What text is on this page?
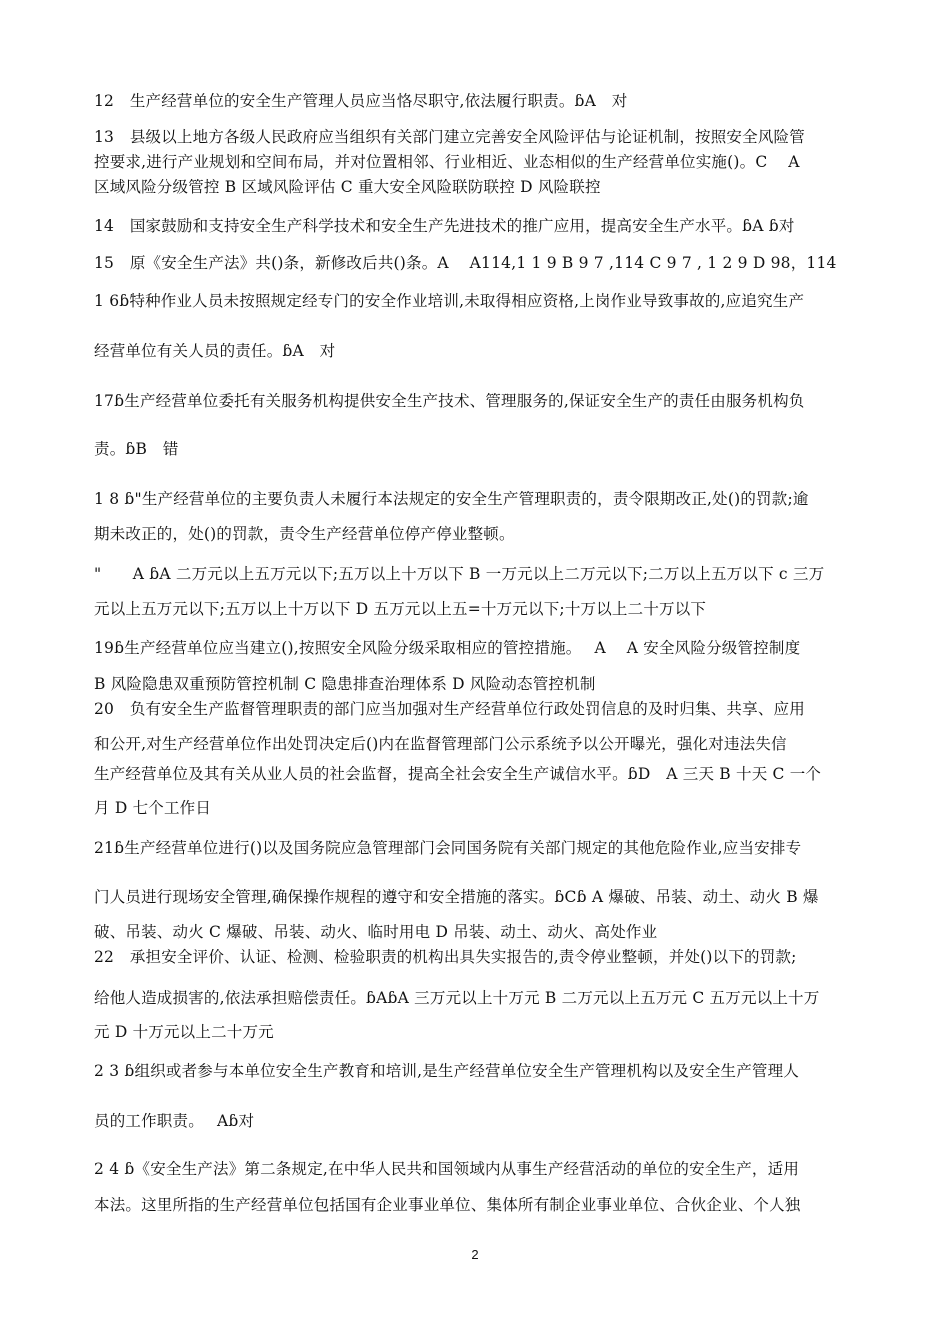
12　生产经营单位的安全生产管理人员应当恪尽职守,依法履行职责。ɓA　对
13　县级以上地方各级人民政府应当组织有关部门建立完善安全风险评估与论证机制，按照安全风险管
控要求,进行产业规划和空间布局，并对位置相邻、行业相近、业态相似的生产经营单位实施()。C　 A
区域风险分级管控 B 区域风险评估 C 重大安全风险联防联控 D 风险联控
14　国家鼓励和支持安全生产科学技术和安全生产先进技术的推广应用，提高安全生产水平。ɓA ɓ对
15　原《安全生产法》共()条，新修改后共()条。A　 A114,1 1 9 B 9 7 ,114 C 9 7 , 1 2 9 D 98，114
1 6ɓ特种作业人员未按照规定经专门的安全作业培训,未取得相应资格,上岗作业导致事故的,应追究生产
经营单位有关人员的责任。ɓA　对
17ɓ生产经营单位委托有关服务机构提供安全生产技术、管理服务的,保证安全生产的责任由服务机构负
责。ɓB　错
1 8 ɓ"生产经营单位的主要负责人未履行本法规定的安全生产管理职责的，责令限期改正,处()的罚款;逾
期未改正的，处()的罚款，责令生产经营单位停产停业整顿。
"　　A ɓA 二万元以上五万元以下;五万以上十万以下 B 一万元以上二万元以下;二万以上五万以下 c 三万
元以上五万元以下;五万以上十万以下 D 五万元以上五=十万元以下;十万以上二十万以下
19ɓ生产经营单位应当建立(),按照安全风险分级采取相应的管控措施。　 A　 A 安全风险分级管控制度
B 风险隐患双重预防管控机制 C 隐患排查治理体系 D 风险动态管控机制
20　负有安全生产监督管理职责的部门应当加强对生产经营单位行政处罚信息的及时归集、共享、应用
和公开,对生产经营单位作出处罚决定后()内在监督管理部门公示系统予以公开曝光，强化对违法失信
生产经营单位及其有关从业人员的社会监督，提高全社会安全生产诚信水平。ɓD　A 三天 B 十天 C 一个
月 D 七个工作日
21ɓ生产经营单位进行()以及国务院应急管理部门会同国务院有关部门规定的其他危险作业,应当安排专
门人员进行现场安全管理,确保操作规程的遵守和安全措施的落实。ɓCɓ A 爆破、吊装、动土、动火 B 爆
破、吊装、动火 C 爆破、吊装、动火、临时用电 D 吊装、动土、动火、高处作业
22　承担安全评价、认证、检测、检验职责的机构出具失实报告的,责令停业整顿，并处()以下的罚款;
给他人造成损害的,依法承担赔偿责任。ɓAɓA 三万元以上十万元 B 二万元以上五万元 C 五万元以上十万
元 D 十万元以上二十万元
2 3 ɓ组织或者参与本单位安全生产教育和培训,是生产经营单位安全生产管理机构以及安全生产管理人
员的工作职责。　 Aɓ对
2 4 ɓ《安全生产法》第二条规定,在中华人民共和国领域内从事生产经营活动的单位的安全生产，适用
本法。这里所指的生产经营单位包括国有企业事业单位、集体所有制企业事业单位、合伙企业、个人独
2
